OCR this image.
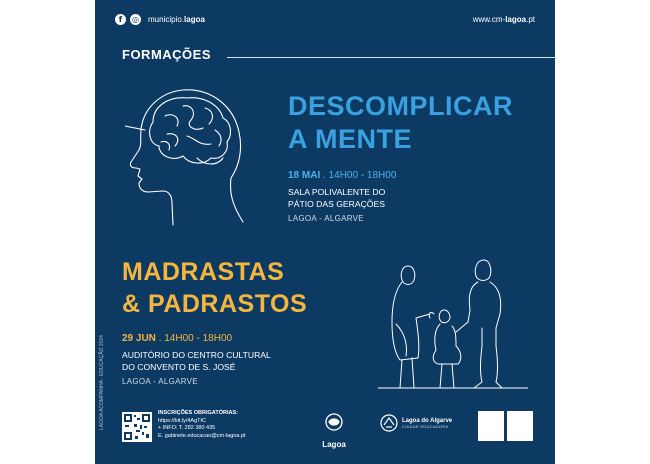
f	◎ municipio.lagoa	www.cm-lagoa.pt
FORMAÇÕES
DESCOMPLICAR
A MENTE
18 MAI . 14H00 - 18H00
SALA POLIVALENTE DO
PÁTIO DAS GERAÇÕES
LAGOA - ALGARVE
MADRASTAS
& PADRASTOS
29 JUN . 14H00 - 18H00
AUDITÓRIO DO CENTRO CULTURAL
DO CONVENTO DE S. JOSÉ
LAGOA - ALGARVE
LAGOA ACOMPANHA - EDUCAÇÃO 2024	INSCRIÇÕES OBRIGATÓRIAS:
https://bit.ly/4AgTtC
+ INFO: T. 282 380 435
E. gabinete.educacao@cm-lagoa.pt
Lagoa
Lagoa do Algarve
CIDADE EDUCADORA
